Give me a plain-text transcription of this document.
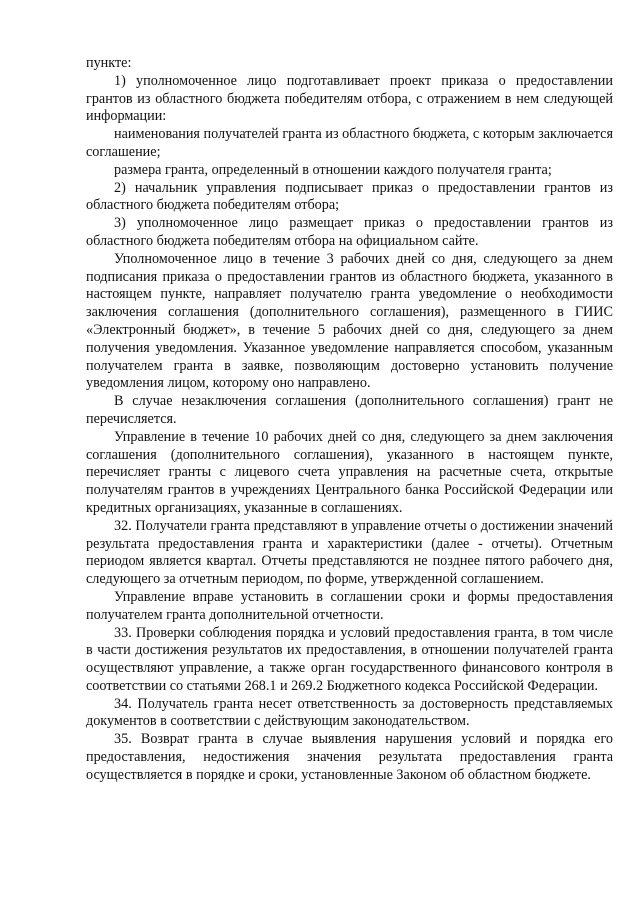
пункте:

1) уполномоченное лицо подготавливает проект приказа о предоставлении грантов из областного бюджета победителям отбора, с отражением в нем следующей информации:

наименования получателей гранта из областного бюджета, с которым заключается соглашение;

размера гранта, определенный в отношении каждого получателя гранта;

2) начальник управления подписывает приказ о предоставлении грантов из областного бюджета победителям отбора;

3) уполномоченное лицо размещает приказ о предоставлении грантов из областного бюджета победителям отбора на официальном сайте.

Уполномоченное лицо в течение 3 рабочих дней со дня, следующего за днем подписания приказа о предоставлении грантов из областного бюджета, указанного в настоящем пункте, направляет получателю гранта уведомление о необходимости заключения соглашения (дополнительного соглашения), размещенного в ГИИС «Электронный бюджет», в течение 5 рабочих дней со дня, следующего за днем получения уведомления. Указанное уведомление направляется способом, указанным получателем гранта в заявке, позволяющим достоверно установить получение уведомления лицом, которому оно направлено.

В случае незаключения соглашения (дополнительного соглашения) грант не перечисляется.

Управление в течение 10 рабочих дней со дня, следующего за днем заключения соглашения (дополнительного соглашения), указанного в настоящем пункте, перечисляет гранты с лицевого счета управления на расчетные счета, открытые получателям грантов в учреждениях Центрального банка Российской Федерации или кредитных организациях, указанные в соглашениях.

32. Получатели гранта представляют в управление отчеты о достижении значений результата предоставления гранта и характеристики (далее - отчеты). Отчетным периодом является квартал. Отчеты представляются не позднее пятого рабочего дня, следующего за отчетным периодом, по форме, утвержденной соглашением.

Управление вправе установить в соглашении сроки и формы предоставления получателем гранта дополнительной отчетности.

33. Проверки соблюдения порядка и условий предоставления гранта, в том числе в части достижения результатов их предоставления, в отношении получателей гранта осуществляют управление, а также орган государственного финансового контроля в соответствии со статьями 268.1 и 269.2 Бюджетного кодекса Российской Федерации.

34. Получатель гранта несет ответственность за достоверность представляемых документов в соответствии с действующим законодательством.

35. Возврат гранта в случае выявления нарушения условий и порядка его предоставления, недостижения значения результата предоставления гранта осуществляется в порядке и сроки, установленные Законом об областном бюджете.
